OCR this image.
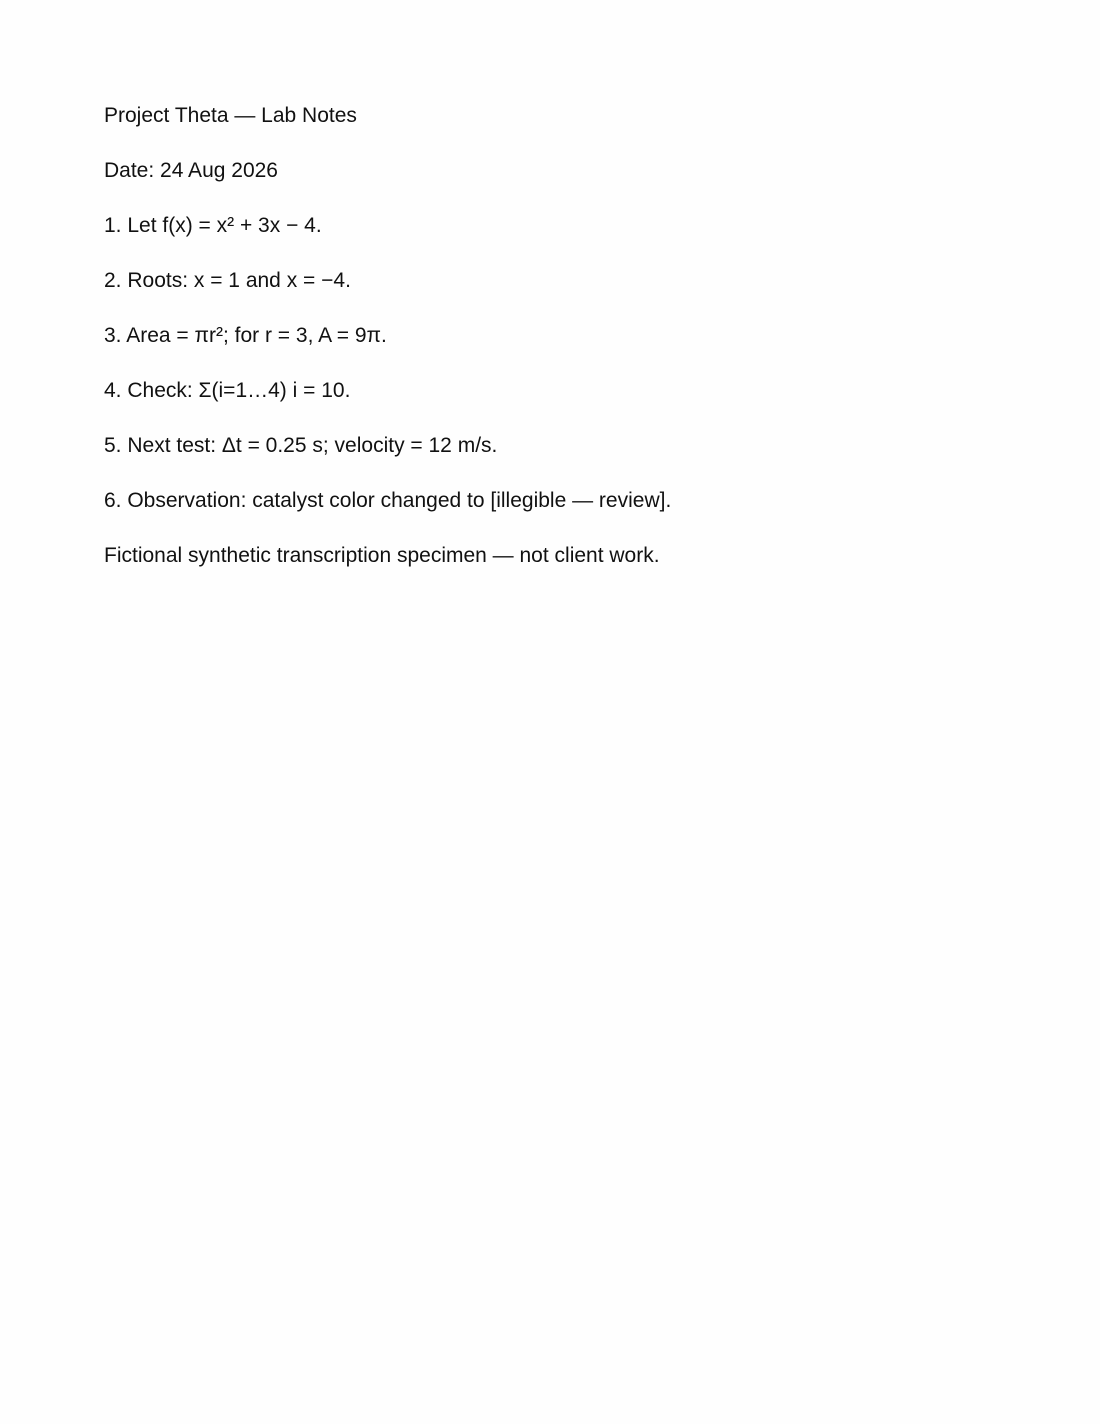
Project Theta — Lab Notes
Date: 24 Aug 2026
1. Let f(x) = x² + 3x − 4.
2. Roots: x = 1 and x = −4.
3. Area = πr²; for r = 3, A = 9π.
4. Check: Σ(i=1…4) i = 10.
5. Next test: Δt = 0.25 s; velocity = 12 m/s.
6. Observation: catalyst color changed to [illegible — review].
Fictional synthetic transcription specimen — not client work.
